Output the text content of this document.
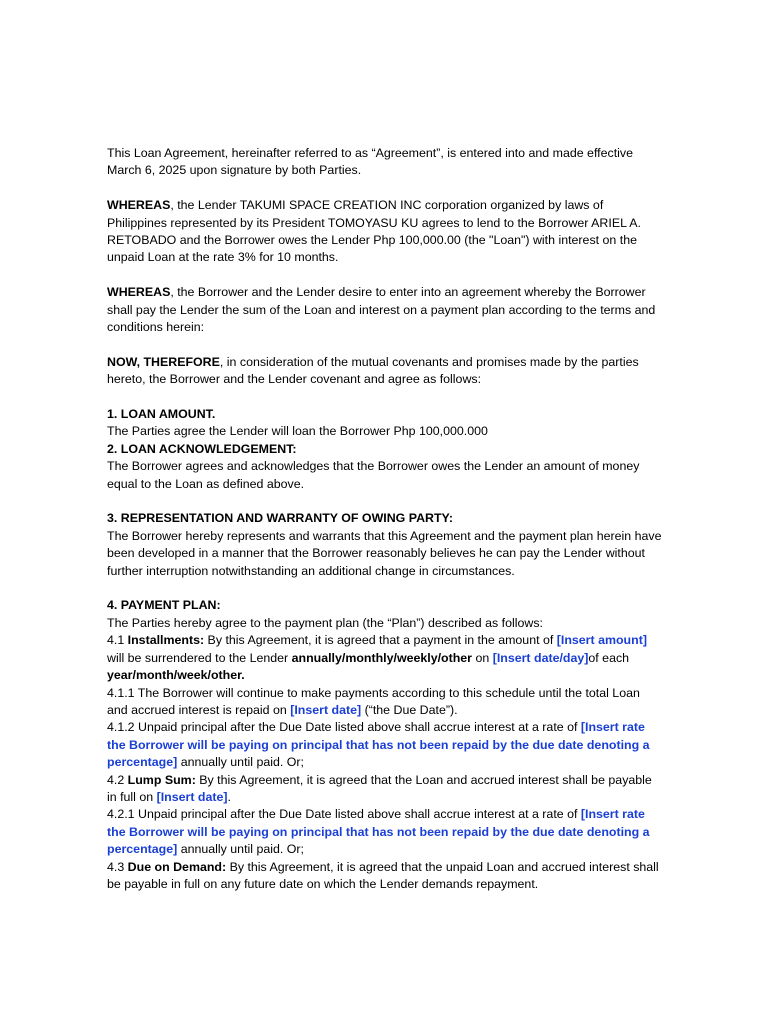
This Loan Agreement, hereinafter referred to as “Agreement”, is entered into and made effective March 6, 2025 upon signature by both Parties.

WHEREAS, the Lender TAKUMI SPACE CREATION INC corporation organized by laws of Philippines represented by its President TOMOYASU KU agrees to lend to the Borrower ARIEL A. RETOBADO and the Borrower owes the Lender Php 100,000.00 (the "Loan") with interest on the unpaid Loan at the rate 3% for 10 months.

WHEREAS, the Borrower and the Lender desire to enter into an agreement whereby the Borrower shall pay the Lender the sum of the Loan and interest on a payment plan according to the terms and conditions herein:

NOW, THEREFORE, in consideration of the mutual covenants and promises made by the parties hereto, the Borrower and the Lender covenant and agree as follows:

1. LOAN AMOUNT.

The Parties agree the Lender will loan the Borrower Php 100,000.000

2. LOAN ACKNOWLEDGEMENT:

The Borrower agrees and acknowledges that the Borrower owes the Lender an amount of money equal to the Loan as defined above.

3. REPRESENTATION AND WARRANTY OF OWING PARTY:

The Borrower hereby represents and warrants that this Agreement and the payment plan herein have been developed in a manner that the Borrower reasonably believes he can pay the Lender without further interruption notwithstanding an additional change in circumstances.

4. PAYMENT PLAN:

The Parties hereby agree to the payment plan (the “Plan”) described as follows:

4.1 Installments: By this Agreement, it is agreed that a payment in the amount of [Insert amount] will be surrendered to the Lender annually/monthly/weekly/other on [Insert date/day]of each year/month/week/other.

4.1.1 The Borrower will continue to make payments according to this schedule until the total Loan and accrued interest is repaid on [Insert date] (“the Due Date”).

4.1.2 Unpaid principal after the Due Date listed above shall accrue interest at a rate of [Insert rate the Borrower will be paying on principal that has not been repaid by the due date denoting a percentage] annually until paid. Or;

4.2 Lump Sum: By this Agreement, it is agreed that the Loan and accrued interest shall be payable in full on [Insert date].

4.2.1 Unpaid principal after the Due Date listed above shall accrue interest at a rate of [Insert rate the Borrower will be paying on principal that has not been repaid by the due date denoting a percentage] annually until paid. Or;

4.3 Due on Demand: By this Agreement, it is agreed that the unpaid Loan and accrued interest shall be payable in full on any future date on which the Lender demands repayment.
